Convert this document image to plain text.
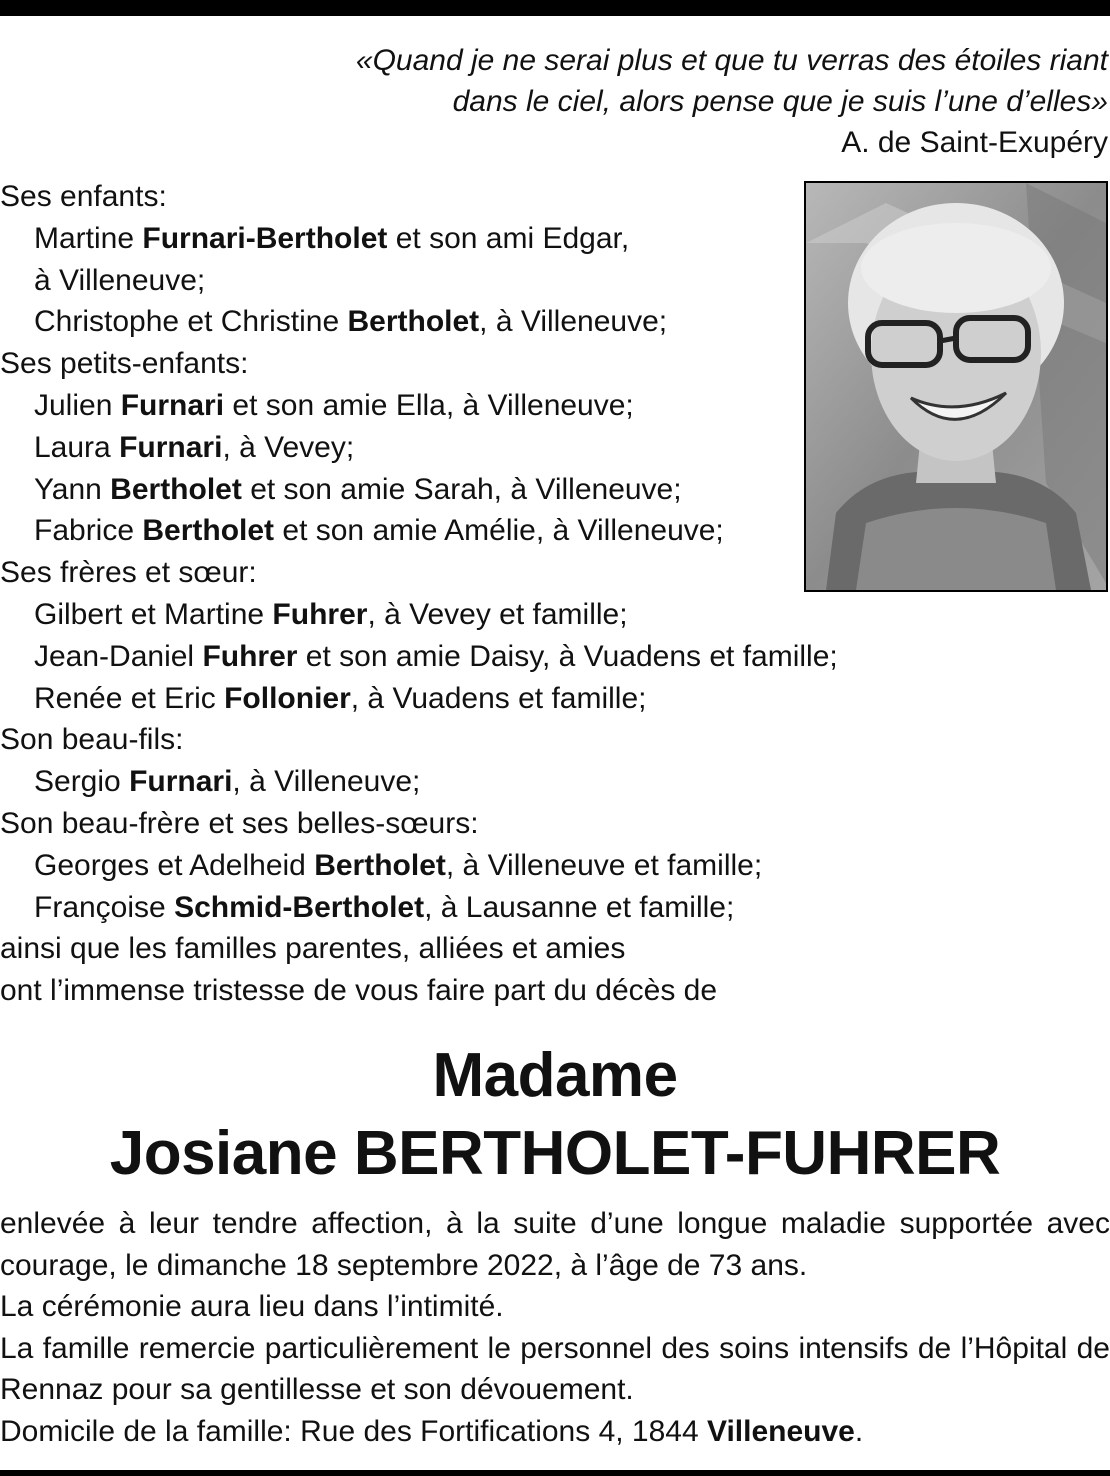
«Quand je ne serai plus et que tu verras des étoiles riant
dans le ciel, alors pense que je suis l’une d’elles»
A. de Saint-Exupéry
Ses enfants:
Martine Furnari-Bertholet et son ami Edgar,
à Villeneuve;
Christophe et Christine Bertholet, à Villeneuve;
Ses petits-enfants:
Julien Furnari et son amie Ella, à Villeneuve;
Laura Furnari, à Vevey;
Yann Bertholet et son amie Sarah, à Villeneuve;
Fabrice Bertholet et son amie Amélie, à Villeneuve;
Ses frères et sœur:
Gilbert et Martine Fuhrer, à Vevey et famille;
Jean-Daniel Fuhrer et son amie Daisy, à Vuadens et famille;
Renée et Eric Follonier, à Vuadens et famille;
Son beau-fils:
Sergio Furnari, à Villeneuve;
Son beau-frère et ses belles-sœurs:
Georges et Adelheid Bertholet, à Villeneuve et famille;
Françoise Schmid-Bertholet, à Lausanne et famille;
ainsi que les familles parentes, alliées et amies
ont l’immense tristesse de vous faire part du décès de
Madame
Josiane BERTHOLET-FUHRER
enlevée à leur tendre affection, à la suite d’une longue maladie supportée avec courage, le dimanche 18 septembre 2022, à l’âge de 73 ans.
La cérémonie aura lieu dans l’intimité.
La famille remercie particulièrement le personnel des soins intensifs de l’Hôpital de Rennaz pour sa gentillesse et son dévouement.
Domicile de la famille: Rue des Fortifications 4, 1844 Villeneuve.
